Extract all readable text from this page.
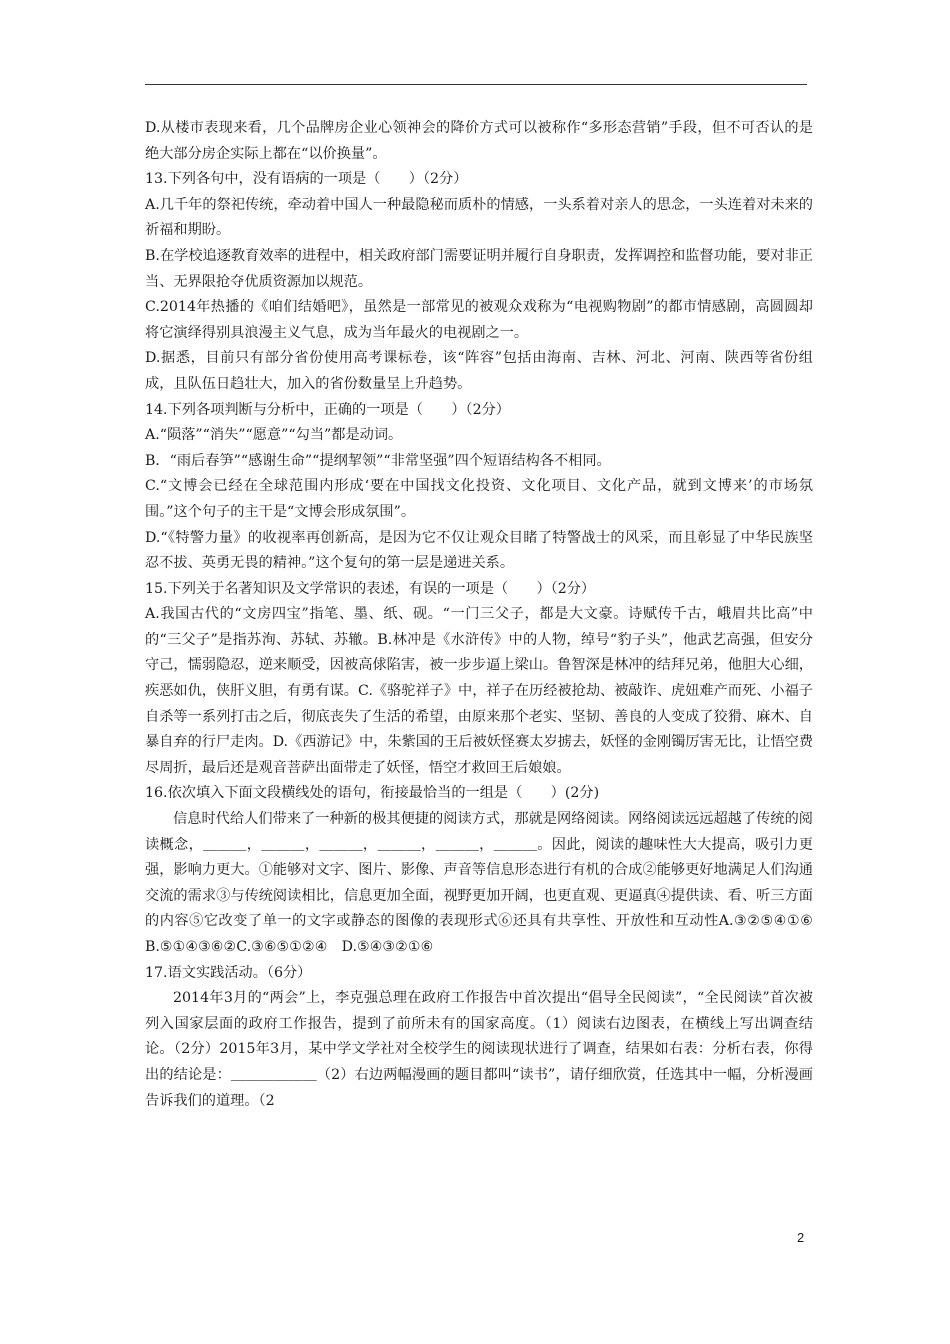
D.从楼市表现来看，几个品牌房企业心领神会的降价方式可以被称作“多形态营销”手段，但不可否认的是绝大部分房企实际上都在“以价换量”。

13.下列各句中，没有语病的一项是（　　）（2分）

A.几千年的祭祀传统，牵动着中国人一种最隐秘而质朴的情感，一头系着对亲人的思念，一头连着对未来的祈福和期盼。

B.在学校追逐教育效率的进程中，相关政府部门需要证明并履行自身职责，发挥调控和监督功能，要对非正当、无界限抢夺优质资源加以规范。

C.2014年热播的《咱们结婚吧》，虽然是一部常见的被观众戏称为“电视购物剧”的都市情感剧，高圆圆却将它演绎得别具浪漫主义气息，成为当年最火的电视剧之一。

D.据悉，目前只有部分省份使用高考课标卷，该“阵容”包括由海南、吉林、河北、河南、陕西等省份组成，且队伍日趋壮大，加入的省份数量呈上升趋势。

14.下列各项判断与分析中，正确的一项是（　　）（2分）

A.“陨落”“消失”“愿意”“勾当”都是动词。

B．“雨后春笋”“感谢生命”“提纲挈领”“非常坚强”四个短语结构各不相同。

C.“文博会已经在全球范围内形成‘要在中国找文化投资、文化项目、文化产品，就到文博来’的市场氛围。”这个句子的主干是“文博会形成氛围”。

D.“《特警力量》的收视率再创新高，是因为它不仅让观众目睹了特警战士的风采，而且彰显了中华民族坚忍不拔、英勇无畏的精神。”这个复句的第一层是递进关系。

15.下列关于名著知识及文学常识的表述，有误的一项是（　　）（2分）

A.我国古代的“文房四宝”指笔、墨、纸、砚。“一门三父子，都是大文豪。诗赋传千古，峨眉共比高”中的“三父子”是指苏洵、苏轼、苏辙。B.林冲是《水浒传》中的人物，绰号“豹子头”，他武艺高强，但安分守己，懦弱隐忍，逆来顺受，因被高俅陷害，被一步步逼上梁山。鲁智深是林冲的结拜兄弟，他胆大心细，疾恶如仇，侠肝义胆，有勇有谋。C.《骆驼祥子》中，祥子在历经被抢劫、被敲诈、虎妞难产而死、小福子自杀等一系列打击之后，彻底丧失了生活的希望，由原来那个老实、坚韧、善良的人变成了狡猾、麻木、自暴自弃的行尸走肉。D.《西游记》中，朱紫国的王后被妖怪赛太岁掳去，妖怪的金刚镯厉害无比，让悟空费尽周折，最后还是观音菩萨出面带走了妖怪，悟空才救回王后娘娘。

16.依次填入下面文段横线处的语句，衔接最恰当的一组是（　　）(2分)

信息时代给人们带来了一种新的极其便捷的阅读方式，那就是网络阅读。网络阅读远远超越了传统的阅读概念，＿＿＿，＿＿＿，＿＿＿，＿＿＿，＿＿＿，＿＿＿。因此，阅读的趣味性大大提高，吸引力更强，影响力更大。①能够对文字、图片、影像、声音等信息形态进行有机的合成②能够更好地满足人们沟通交流的需求③与传统阅读相比，信息更加全面，视野更加开阔，也更直观、更逼真④提供读、看、听三方面的内容⑤它改变了单一的文字或静态的图像的表现形式⑥还具有共享性、开放性和互动性A.③②⑤④①⑥　B.⑤①④③⑥②C.③⑥⑤①②④　D.⑤④③②①⑥

17.语文实践活动。（6分）

2014年3月的“两会”上，李克强总理在政府工作报告中首次提出“倡导全民阅读”，“全民阅读”首次被列入国家层面的政府工作报告，提到了前所未有的国家高度。（1）阅读右边图表，在横线上写出调查结论。（2分）2015年3月，某中学文学社对全校学生的阅读现状进行了调查，结果如右表：分析右表，你得出的结论是：＿＿＿＿＿＿（2）右边两幅漫画的题目都叫“读书”，请仔细欣赏，任选其中一幅，分析漫画告诉我们的道理。（2

2
